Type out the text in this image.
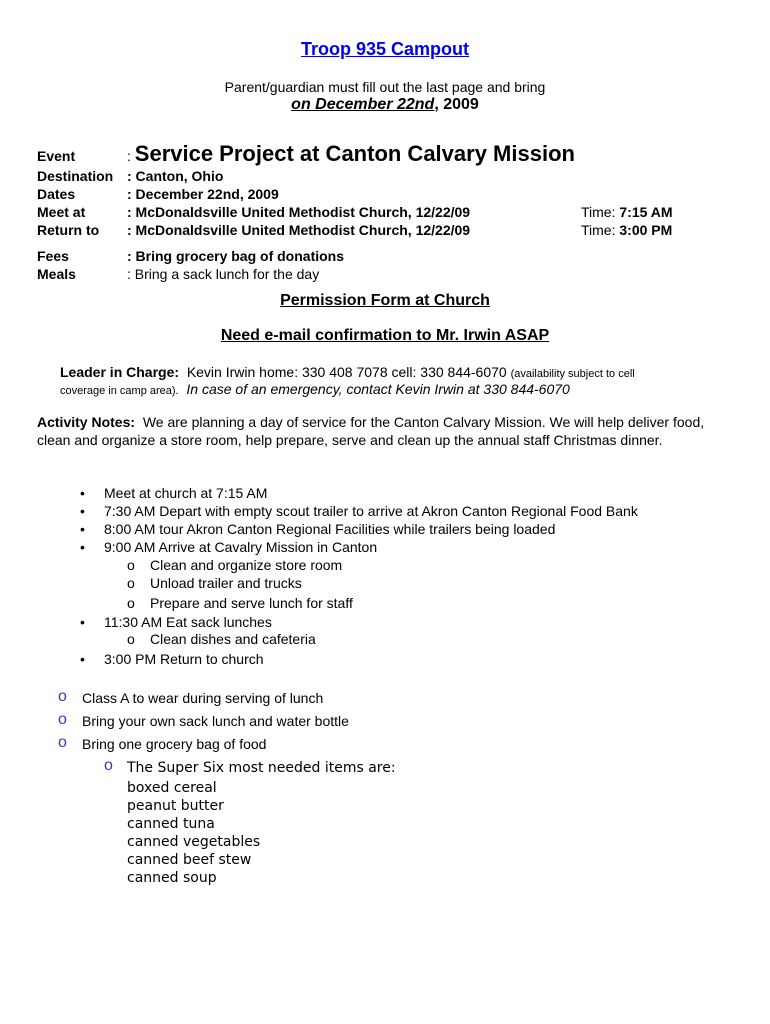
Troop 935 Campout
Parent/guardian must fill out the last page and bring
on December 22nd, 2009
Event	: Service Project at Canton Calvary Mission
Destination : Canton, Ohio
Dates	: December 22nd, 2009
Meet at	: McDonaldsville United Methodist Church, 12/22/09	Time: 7:15 AM
Return to : McDonaldsville United Methodist Church, 12/22/09	Time: 3:00 PM
Fees	: Bring grocery bag of donations
Meals	: Bring a sack lunch for the day
Permission Form at Church
Need e-mail confirmation to Mr. Irwin ASAP
Leader in Charge: Kevin Irwin home: 330 408 7078 cell: 330 844-6070 (availability subject to cell
coverage in camp area). In case of an emergency, contact Kevin Irwin at 330 844-6070
Activity Notes: We are planning a day of service for the Canton Calvary Mission. We will help deliver food, clean and organize a store room, help prepare, serve and clean up the annual staff Christmas dinner.
• Meet at church at 7:15 AM
• 7:30 AM Depart with empty scout trailer to arrive at Akron Canton Regional Food Bank
• 8:00 AM tour Akron Canton Regional Facilities while trailers being loaded
• 9:00 AM Arrive at Cavalry Mission in Canton
o Clean and organize store room
o Unload trailer and trucks
o Prepare and serve lunch for staff
• 11:30 AM Eat sack lunches
o Clean dishes and cafeteria
• 3:00 PM Return to church
o Class A to wear during serving of lunch
o Bring your own sack lunch and water bottle
o Bring one grocery bag of food
o The Super Six most needed items are:
boxed cereal
peanut butter
canned tuna
canned vegetables
canned beef stew
canned soup
